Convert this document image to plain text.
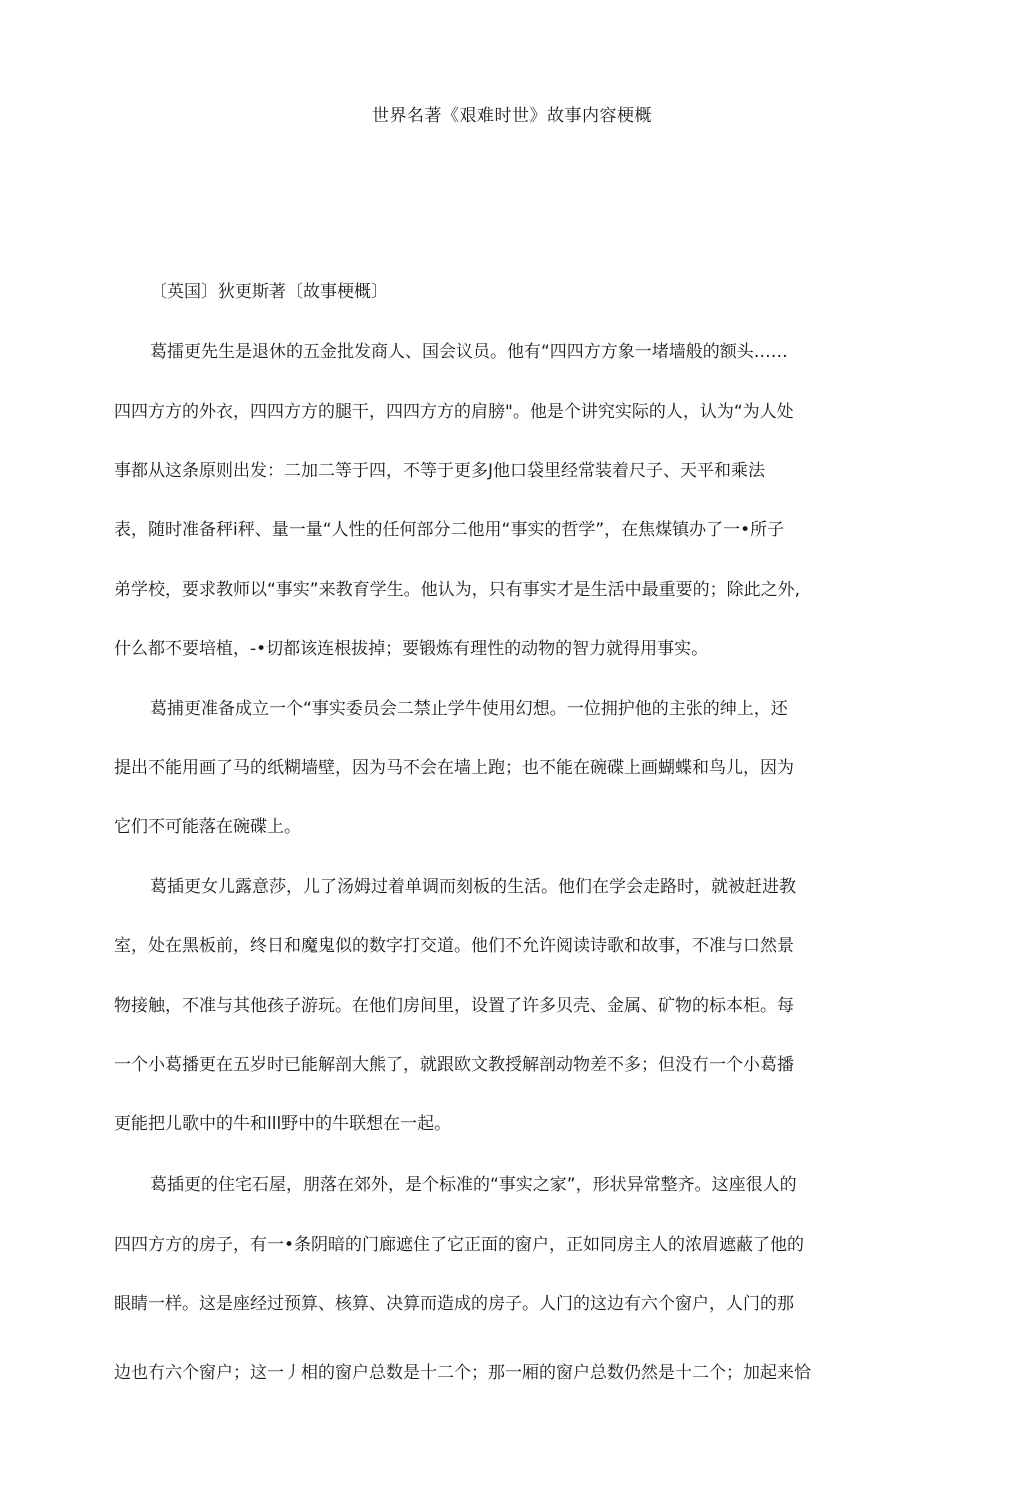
世界名著《艰难时世》故事内容梗概
〔英国〕狄更斯著〔故事梗概〕
葛擂更先生是退休的五金批发商人、国会议员。他有“四四方方象一堵墙般的额头……
四四方方的外衣，四四方方的腿干，四四方方的肩膀"。他是个讲究实际的人，认为“为人处
事都从这条原则出发：二加二等于四，不等于更多J他口袋里经常装着尺子、天平和乘法
表，随时准备秤i秤、量一量“人性的任何部分二他用“事实的哲学”，在焦煤镇办了一•所子
弟学校，要求教师以“事实”来教育学生。他认为，只有事实才是生活中最重要的；除此之外,
什么都不要培植，-•切都该连根拔掉；要锻炼有理性的动物的智力就得用事实。
葛捕更准备成立一个“事实委员会二禁止学牛使用幻想。一位拥护他的主张的绅上，还
提出不能用画了马的纸糊墙壁，因为马不会在墙上跑；也不能在碗碟上画蝴蝶和鸟儿，因为
它们不可能落在碗碟上。
葛插更女儿露意莎，儿了汤姆过着单调而刻板的生活。他们在学会走路时，就被赶进教
室，处在黑板前，终日和魔鬼似的数字打交道。他们不允许阅读诗歌和故事，不准与口然景
物接触，不准与其他孩子游玩。在他们房间里，设置了许多贝壳、金属、矿物的标本柜。每
一个小葛播更在五岁时已能解剖大熊了，就跟欧文教授解剖动物差不多；但没冇一个小葛播
更能把儿歌中的牛和lll野中的牛联想在一起。
葛插更的住宅石屋，朋落在郊外，是个标准的“事实之家”，形状异常整齐。这座很人的
四四方方的房子，有一•条阴暗的门廊遮住了它正面的窗户，正如同房主人的浓眉遮蔽了他的
眼睛一样。这是座经过预算、核算、决算而造成的房子。人门的这边有六个窗户，人门的那
边也冇六个窗户；这一丿相的窗户总数是十二个；那一厢的窗户总数仍然是十二个；加起来恰
